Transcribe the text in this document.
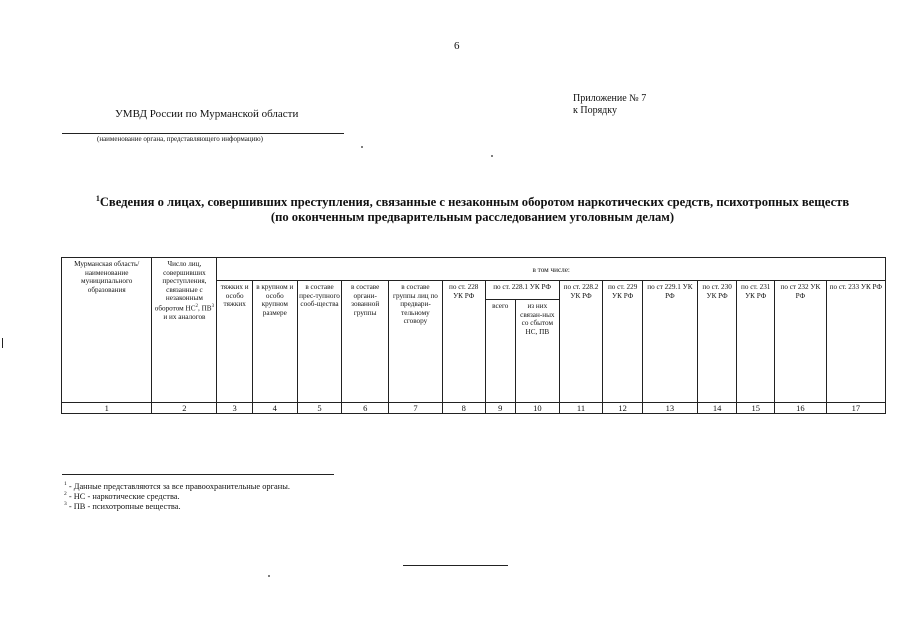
6
Приложение № 7
к Порядку
УМВД России по Мурманской области
(наименование органа, представляющего информацию)
$^1$Сведения о лицах, совершивших преступления, связанные с незаконным оборотом наркотических средств, психотропных веществ
(по оконченным предварительным расследованием уголовным делам)
Мурманская область/ наименование муниципального образования	Число лиц, совершивших преступления, связанные с незаконным оборотом $НС^2$, $ПВ^3$ и их аналогов	в том числе:														
		тяжких и особо тяжких	в крупном и особо крупном размере	в составе прес-тупного сооб-щества	в составе органи-зованной группы	в составе группы лиц по предвари-тельному сговору	по ст. 228 УК РФ	по ст. 228.1 УК РФ		по ст. 228.2 УК РФ	по ст. 229 УК РФ	по ст 229.1 УК РФ	по ст. 230 УК РФ	по ст. 231 УК РФ	по ст 232 УК РФ	по ст. 233 УК РФ
								всего	из них связан-ных со сбытом НС, ПВ							
1	2	3	4	5	6	7	8	9	10	11	12	13	14	15	16	17
$^1$ - Данные представляются за все правоохранительные органы.
$^2$ - НС - наркотические средства.
$^3$ - ПВ - психотропные вещества.
